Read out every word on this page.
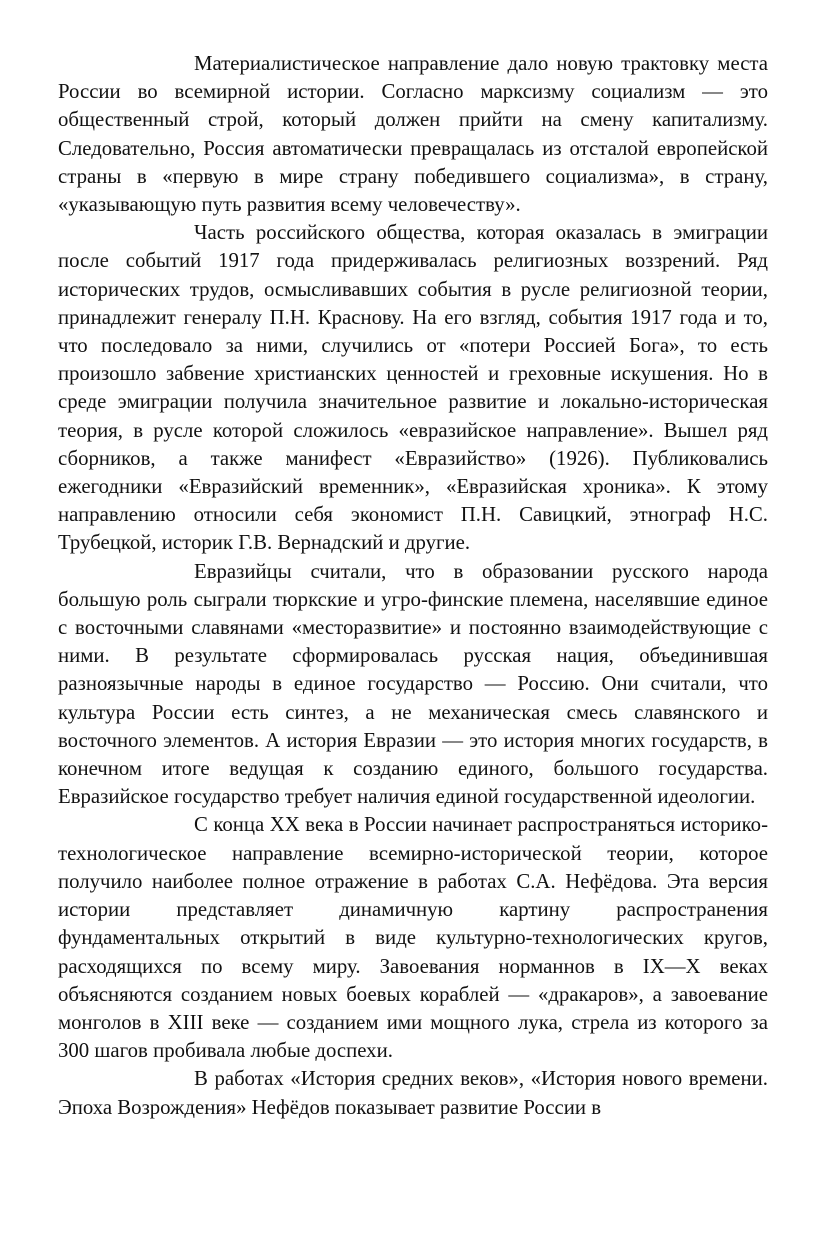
Материалистическое направление дало новую трактовку места России во всемирной истории. Согласно марксизму социализм — это общественный строй, который должен прийти на смену капитализму. Следовательно, Россия автоматически превращалась из отсталой европейской страны в «первую в мире страну победившего социализма», в страну, «указывающую путь развития всему человечеству».

Часть российского общества, которая оказалась в эмиграции после событий 1917 года придерживалась религиозных воззрений. Ряд исторических трудов, осмысливавших события в русле религиозной теории, принадлежит генералу П.Н. Краснову. На его взгляд, события 1917 года и то, что последовало за ними, случились от «потери Россией Бога», то есть произошло забвение христианских ценностей и греховные искушения. Но в среде эмиграции получила значительное развитие и локально-историческая теория, в русле которой сложилось «евразийское направление». Вышел ряд сборников, а также манифест «Евразийство» (1926). Публиковались ежегодники «Евразийский временник», «Евразийская хроника». К этому направлению относили себя экономист П.Н. Савицкий, этнограф Н.С. Трубецкой, историк Г.В. Вернадский и другие.

Евразийцы считали, что в образовании русского народа большую роль сыграли тюркские и угро-финские племена, населявшие единое с восточными славянами «месторазвитие» и постоянно взаимодействующие с ними. В результате сформировалась русская нация, объединившая разноязычные народы в единое государство — Россию. Они считали, что культура России есть синтез, а не механическая смесь славянского и восточного элементов. А история Евразии — это история многих государств, в конечном итоге ведущая к созданию единого, большого государства. Евразийское государство требует наличия единой государственной идеологии.

С конца XX века в России начинает распространяться историко-технологическое направление всемирно-исторической теории, которое получило наиболее полное отражение в работах С.А. Нефёдова. Эта версия истории представляет динамичную картину распространения фундаментальных открытий в виде культурно-технологических кругов, расходящихся по всему миру. Завоевания норманнов в IX—X веках объясняются созданием новых боевых кораблей — «дракаров», а завоевание монголов в XIII веке — созданием ими мощного лука, стрела из которого за 300 шагов пробивала любые доспехи.

В работах «История средних веков», «История нового времени. Эпоха Возрождения» Нефёдов показывает развитие России в
